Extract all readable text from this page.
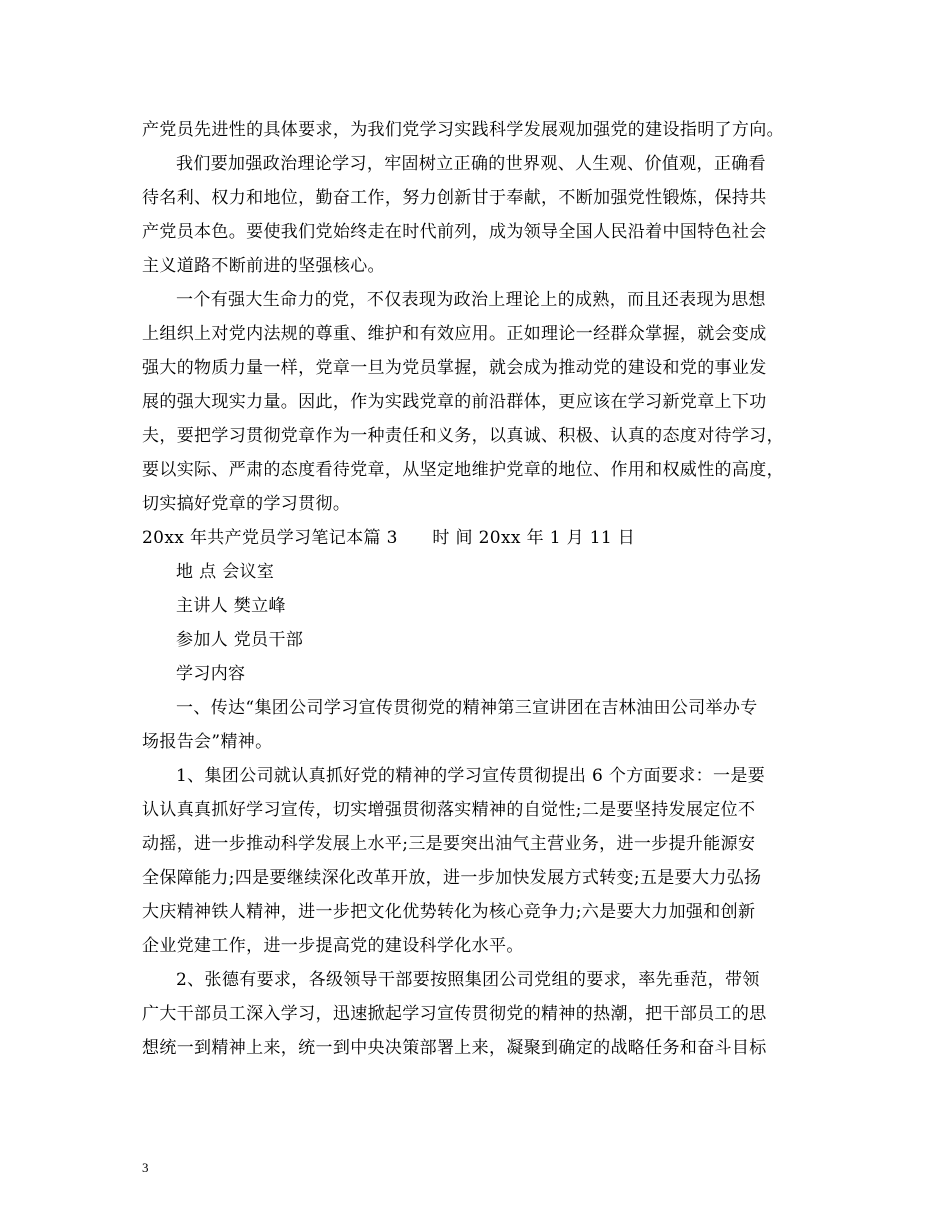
产党员先进性的具体要求，为我们党学习实践科学发展观加强党的建设指明了方向。
我们要加强政治理论学习，牢固树立正确的世界观、人生观、价值观，正确看
待名利、权力和地位，勤奋工作，努力创新甘于奉献，不断加强党性锻炼，保持共
产党员本色。要使我们党始终走在时代前列，成为领导全国人民沿着中国特色社会
主义道路不断前进的坚强核心。
一个有强大生命力的党，不仅表现为政治上理论上的成熟，而且还表现为思想
上组织上对党内法规的尊重、维护和有效应用。正如理论一经群众掌握，就会变成
强大的物质力量一样，党章一旦为党员掌握，就会成为推动党的建设和党的事业发
展的强大现实力量。因此，作为实践党章的前沿群体，更应该在学习新党章上下功
夫，要把学习贯彻党章作为一种责任和义务，以真诚、积极、认真的态度对待学习，
要以实际、严肃的态度看待党章，从坚定地维护党章的地位、作用和权威性的高度，
切实搞好党章的学习贯彻。
20xx 年共产党员学习笔记本篇 3　　时 间 20xx 年 1 月 11 日
地 点 会议室
主讲人 樊立峰
参加人 党员干部
学习内容
一、传达“集团公司学习宣传贯彻党的精神第三宣讲团在吉林油田公司举办专
场报告会”精神。
1、集团公司就认真抓好党的精神的学习宣传贯彻提出 6 个方面要求：一是要
认认真真抓好学习宣传，切实增强贯彻落实精神的自觉性;二是要坚持发展定位不
动摇，进一步推动科学发展上水平;三是要突出油气主营业务，进一步提升能源安
全保障能力;四是要继续深化改革开放，进一步加快发展方式转变;五是要大力弘扬
大庆精神铁人精神，进一步把文化优势转化为核心竞争力;六是要大力加强和创新
企业党建工作，进一步提高党的建设科学化水平。
2、张德有要求，各级领导干部要按照集团公司党组的要求，率先垂范，带领
广大干部员工深入学习，迅速掀起学习宣传贯彻党的精神的热潮，把干部员工的思
想统一到精神上来，统一到中央决策部署上来，凝聚到确定的战略任务和奋斗目标
3
